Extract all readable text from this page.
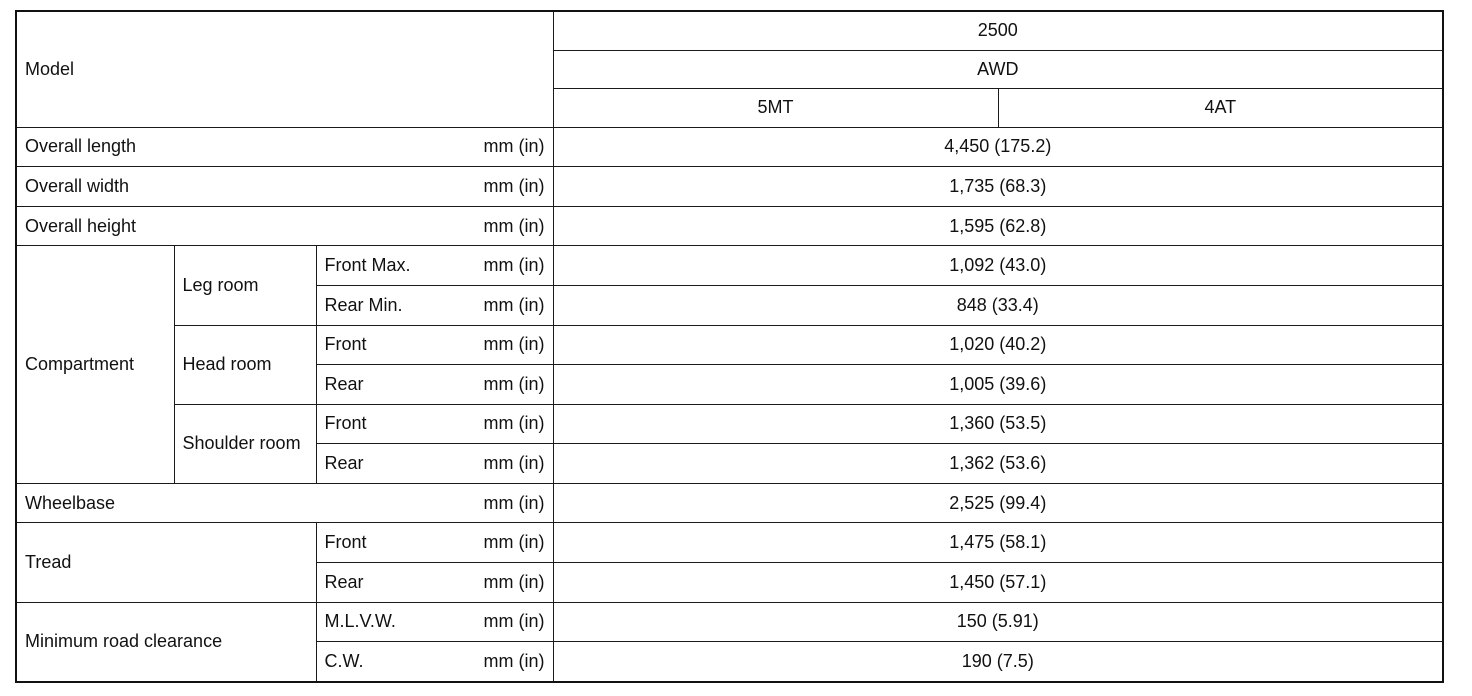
Model				2500	
				AWD	
				5MT	4AT
Overall length			mm (in)	4,450 (175.2)	
Overall width			mm (in)	1,735 (68.3)	
Overall height			mm (in)	1,595 (62.8)	
Compartment	Leg room	Front Max.	mm (in)	1,092 (43.0)	
		Rear Min.	mm (in)	848 (33.4)	
	Head room	Front	mm (in)	1,020 (40.2)	
		Rear	mm (in)	1,005 (39.6)	
	Shoulder room	Front	mm (in)	1,360 (53.5)	
		Rear	mm (in)	1,362 (53.6)	
Wheelbase			mm (in)	2,525 (99.4)	
Tread		Front	mm (in)	1,475 (58.1)	
		Rear	mm (in)	1,450 (57.1)	
Minimum road clearance		M.L.V.W.	mm (in)	150 (5.91)	
		C.W.	mm (in)	190 (7.5)	
